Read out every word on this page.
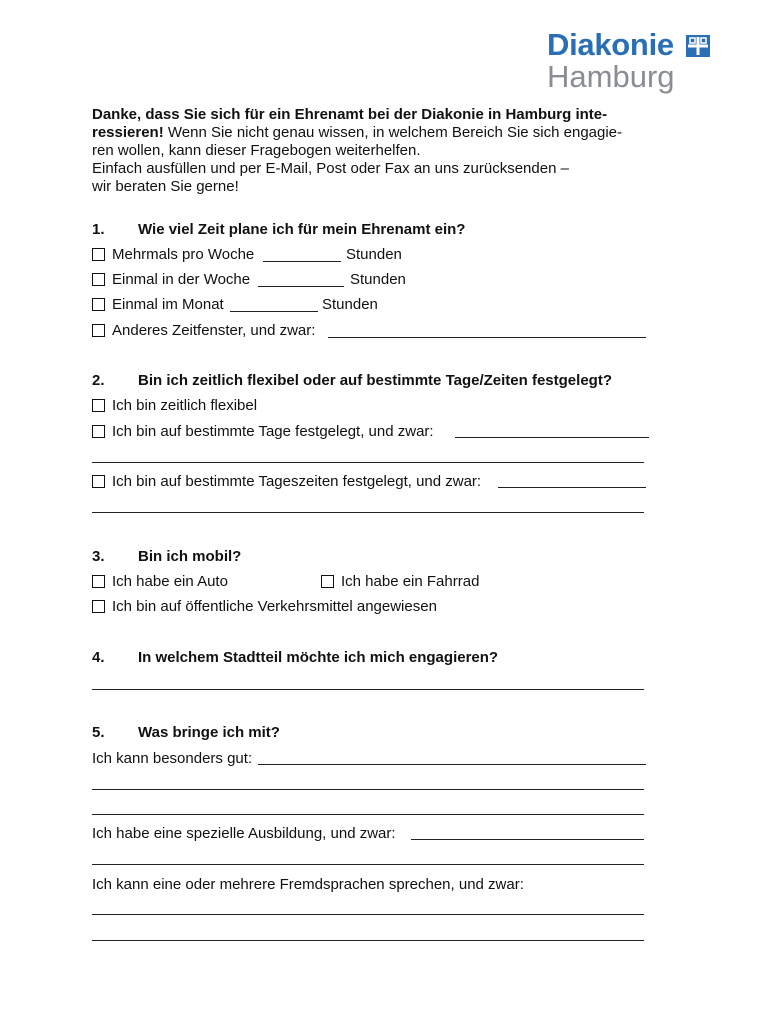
Diakonie
Hamburg
Danke, dass Sie sich für ein Ehrenamt bei der Diakonie in Hamburg inte-
ressieren! Wenn Sie nicht genau wissen, in welchem Bereich Sie sich engagie-
ren wollen, kann dieser Fragebogen weiterhelfen.
Einfach ausfüllen und per E-Mail, Post oder Fax an uns zurücksenden –
wir beraten Sie gerne!
1. Wie viel Zeit plane ich für mein Ehrenamt ein?
Mehrmals pro Woche	Stunden
Einmal in der Woche	Stunden
Einmal im Monat	Stunden
Anderes Zeitfenster, und zwar:
2. Bin ich zeitlich flexibel oder auf bestimmte Tage/Zeiten festgelegt?
Ich bin zeitlich flexibel
Ich bin auf bestimmte Tage festgelegt, und zwar:
Ich bin auf bestimmte Tageszeiten festgelegt, und zwar:
3. Bin ich mobil?
Ich habe ein Auto	Ich habe ein Fahrrad
Ich bin auf öffentliche Verkehrsmittel angewiesen
4. In welchem Stadtteil möchte ich mich engagieren?
5. Was bringe ich mit?
Ich kann besonders gut:
Ich habe eine spezielle Ausbildung, und zwar:
Ich kann eine oder mehrere Fremdsprachen sprechen, und zwar:
